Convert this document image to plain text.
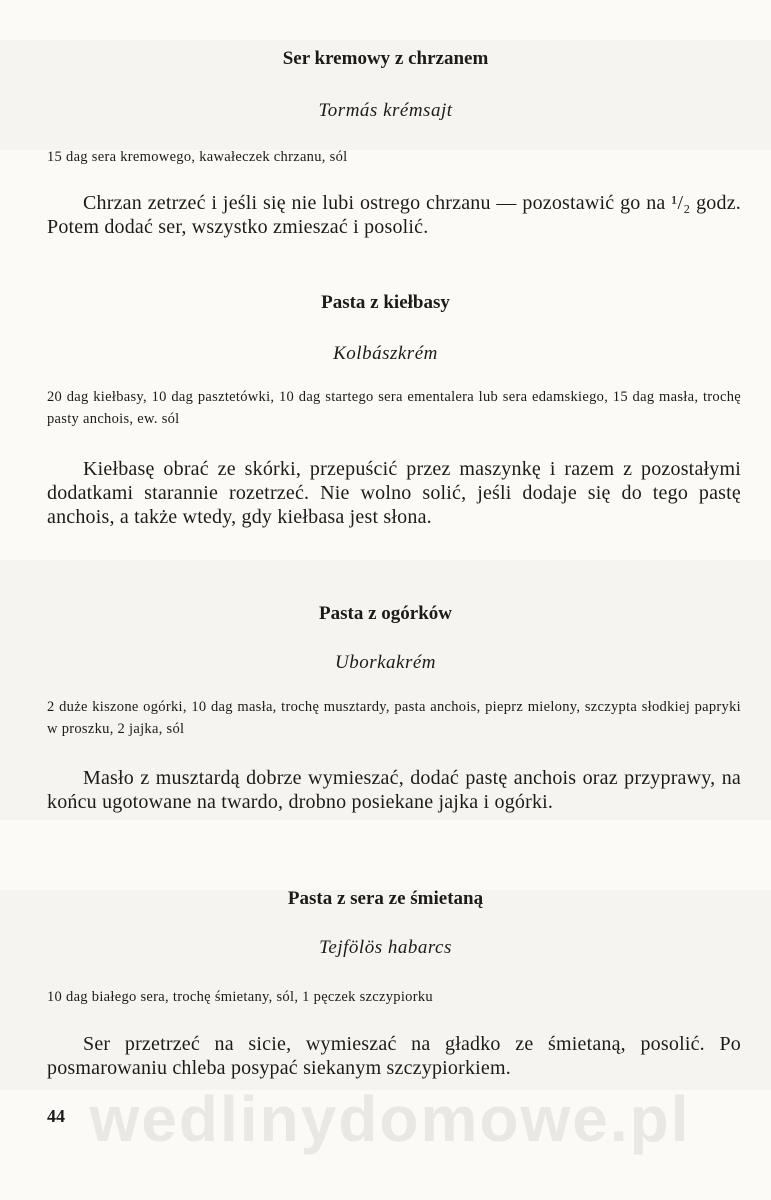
Ser kremowy z chrzanem
Tormás krémsajt
15 dag sera kremowego, kawałeczek chrzanu, sól
Chrzan zetrzeć i jeśli się nie lubi ostrego chrzanu — pozostawić go na ¹/₂ godz. Potem dodać ser, wszystko zmieszać i posolić.
Pasta z kiełbasy
Kolbászkrém
20 dag kiełbasy, 10 dag pasztetówki, 10 dag startego sera ementalera lub sera edamskiego, 15 dag masła, trochę pasty anchois, ew. sól
Kiełbasę obrać ze skórki, przepuścić przez maszynkę i razem z pozostałymi dodatkami starannie rozetrzeć. Nie wolno solić, jeśli dodaje się do tego pastę anchois, a także wtedy, gdy kiełbasa jest słona.
Pasta z ogórków
Uborkakrém
2 duże kiszone ogórki, 10 dag masła, trochę musztardy, pasta anchois, pieprz mielony, szczypta słodkiej papryki w proszku, 2 jajka, sól
Masło z musztardą dobrze wymieszać, dodać pastę anchois oraz przyprawy, na końcu ugotowane na twardo, drobno posiekane jajka i ogórki.
Pasta z sera ze śmietaną
Tejfölös habarcs
10 dag białego sera, trochę śmietany, sól, 1 pęczek szczypiorku
Ser przetrzeć na sicie, wymieszać na gładko ze śmietaną, posolić. Po posmarowaniu chleba posypać siekanym szczypiorkiem.
wedlinydomowe.pl
44
